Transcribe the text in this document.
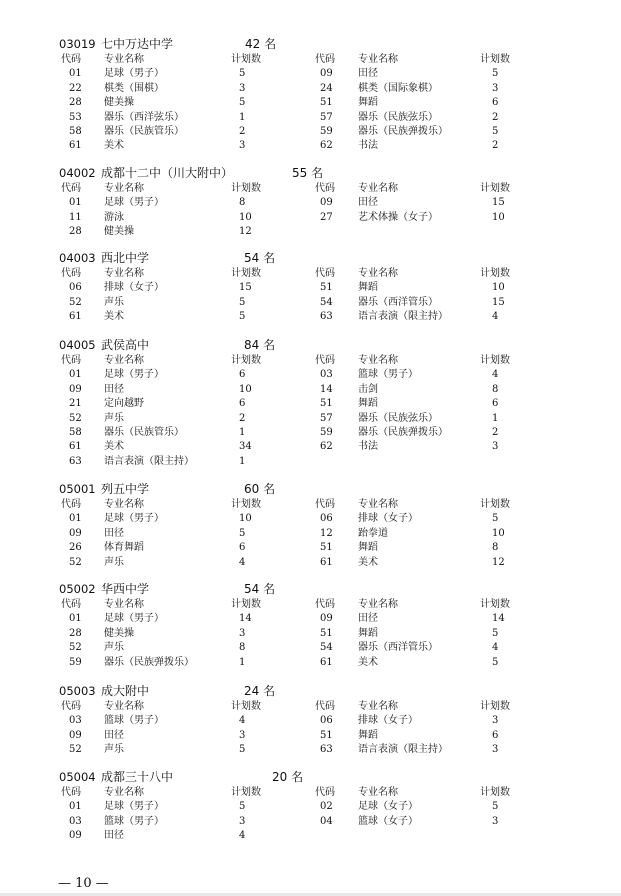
03019 七中万达中学	42 名
代码 专业名称	计划数	代码 专业名称	计划数
01 足球（男子）	5	09	田径	5
22 棋类（围棋）	3	24	棋类（国际象棋）	3
28 健美操	5	51	舞蹈	6
53 器乐（西洋弦乐）	1	57	器乐（民族弦乐）	2
58 器乐（民族管乐）	2	59	器乐（民族弹拨乐）	5
61 美术	3	62	书法	2
04002 成都十二中（川大附中）	55 名
代码 专业名称	计划数	代码 专业名称	计划数
01 足球（男子）	8	09	田径	15
11 游泳	10	27	艺术体操（女子）	10
28 健美操	12
04003 西北中学	54 名
代码 专业名称	计划数	代码 专业名称	计划数
06 排球（女子）	15	51	舞蹈	10
52 声乐	5	54	器乐（西洋管乐）	15
61 美术	5	63	语言表演（限主持）	4
04005 武侯高中	84 名
代码 专业名称	计划数	代码 专业名称	计划数
01 足球（男子）	6	03	篮球（男子）	4
09 田径	10	14	击剑	8
21 定向越野	6	51	舞蹈	6
52 声乐	2	57	器乐（民族弦乐）	1
58 器乐（民族管乐）	1	59	器乐（民族弹拨乐）	2
61 美术	34	62	书法	3
63 语言表演（限主持）	1
05001 列五中学	60 名
代码 专业名称	计划数	代码 专业名称	计划数
01 足球（男子）	10	06	排球（女子）	5
09 田径	5	12	跆拳道	10
26 体育舞蹈	6	51	舞蹈	8
52 声乐	4	61	美术	12
05002 华西中学	54 名
代码 专业名称	计划数	代码 专业名称	计划数
01 足球（男子）	14	09	田径	14
28 健美操	3	51	舞蹈	5
52 声乐	8	54	器乐（西洋管乐）	4
59 器乐（民族弹拨乐）	1	61	美术	5
05003 成大附中	24 名
代码 专业名称	计划数	代码 专业名称	计划数
03 篮球（男子）	4	06	排球（女子）	3
09 田径	3	51	舞蹈	6
52 声乐	5	63	语言表演（限主持）	3
05004 成都三十八中	20 名
代码 专业名称	计划数	代码 专业名称	计划数
01 足球（男子）	5	02	足球（女子）	5
03 篮球（男子）	3	04	篮球（女子）	3
09 田径	4
— 10 —
